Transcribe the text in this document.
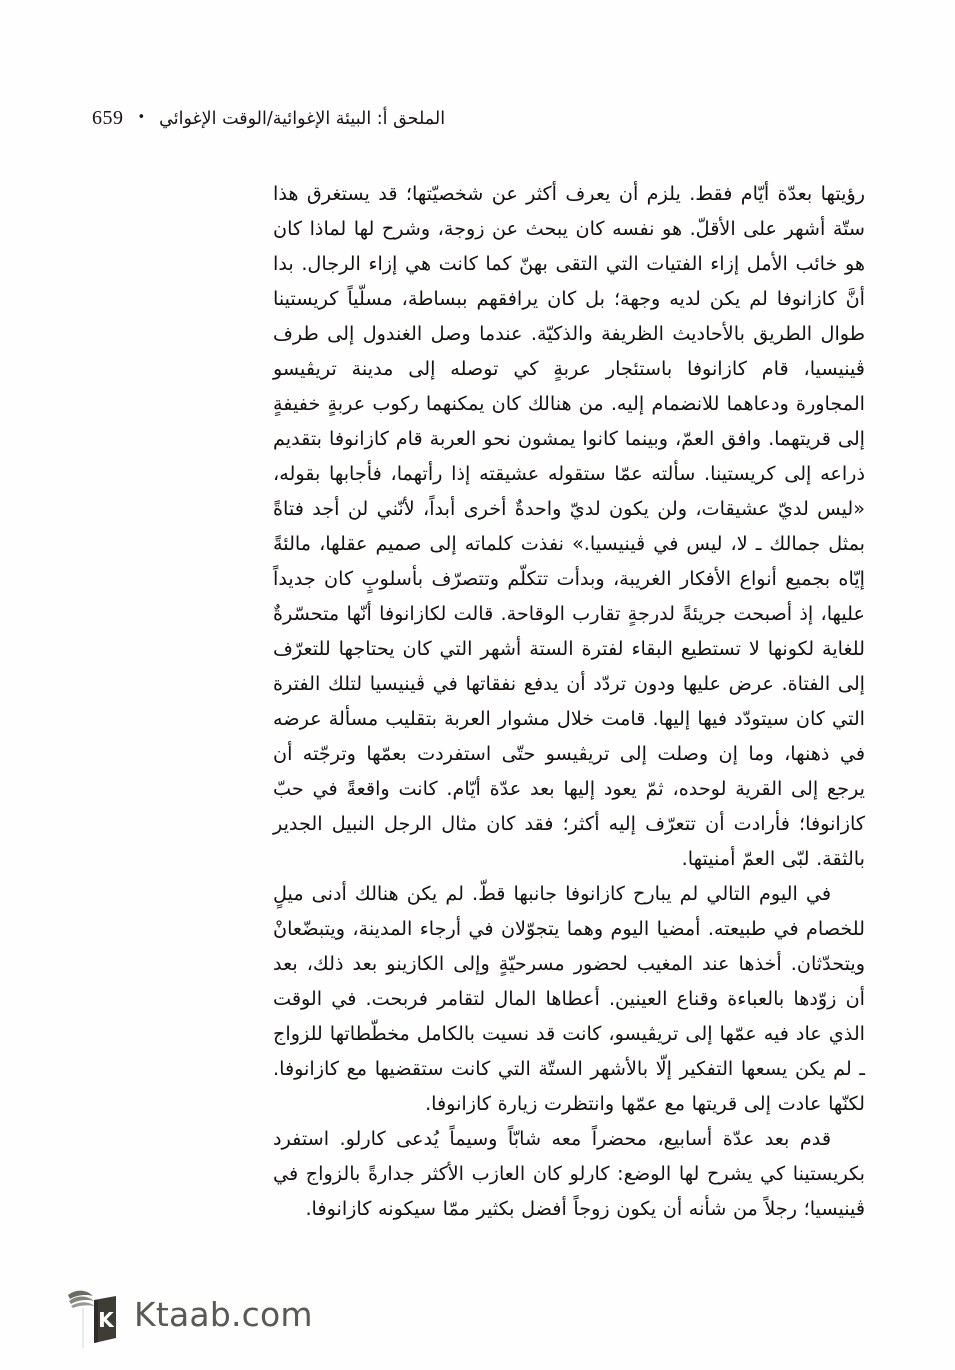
659 • الملحق أ: البيئة الإغوائية/الوقت الإغوائي

رؤيتها بعدّة أيّام فقط. يلزم أن يعرف أكثر عن شخصيّتها؛ قد يستغرق هذا ستّة أشهر على الأقلّ. هو نفسه كان يبحث عن زوجة، وشرح لها لماذا كان هو خائب الأمل إزاء الفتيات التي التقى بهنّ كما كانت هي إزاء الرجال. بدا أنَّ كازانوفا لم يكن لديه وجهة؛ بل كان يرافقهم ببساطة، مسلّياً كريستينا طوال الطريق بالأحاديث الظريفة والذكيّة. عندما وصل الغندول إلى طرف ڤينيسيا، قام كازانوفا باستئجار عربةٍ كي توصله إلى مدينة تريڤيسو المجاورة ودعاهما للانضمام إليه. من هنالك كان يمكنهما ركوب عربةٍ خفيفةٍ إلى قريتهما. وافق العمّ، وبينما كانوا يمشون نحو العربة قام كازانوفا بتقديم ذراعه إلى كريستينا. سألته عمّا ستقوله عشيقته إذا رأتهما، فأجابها بقوله، «ليس لديّ عشيقات، ولن يكون لديّ واحدةٌ أخرى أبداً، لأنّني لن أجد فتاةً بمثل جمالك ـ لا، ليس في ڤينيسيا.» نفذت كلماته إلى صميم عقلها، مالئةً إيّاه بجميع أنواع الأفكار الغريبة، وبدأت تتكلّم وتتصرّف بأسلوبٍ كان جديداً عليها، إذ أصبحت جريئةً لدرجةٍ تقارب الوقاحة. قالت لكازانوفا أنّها متحسّرةٌ للغاية لكونها لا تستطيع البقاء لفترة الستة أشهر التي كان يحتاجها للتعرّف إلى الفتاة. عرض عليها ودون تردّد أن يدفع نفقاتها في ڤينيسيا لتلك الفترة التي كان سيتودّد فيها إليها. قامت خلال مشوار العربة بتقليب مسألة عرضه في ذهنها، وما إن وصلت إلى تريڤيسو حتّى استفردت بعمّها وترجّته أن يرجع إلى القرية لوحده، ثمّ يعود إليها بعد عدّة أيّام. كانت واقعةً في حبّ كازانوفا؛ فأرادت أن تتعرّف إليه أكثر؛ فقد كان مثال الرجل النبيل الجدير بالثقة. لبّى العمّ أمنيتها.

في اليوم التالي لم يبارح كازانوفا جانبها قطّ. لم يكن هنالك أدنى ميلٍ للخصام في طبيعته. أمضيا اليوم وهما يتجوّلان في أرجاء المدينة، ويتبضّعانْ ويتحدّثان. أخذها عند المغيب لحضور مسرحيّةٍ وإلى الكازينو بعد ذلك، بعد أن زوّدها بالعباءة وقناع العينين. أعطاها المال لتقامر فربحت. في الوقت الذي عاد فيه عمّها إلى تريڤيسو، كانت قد نسيت بالكامل مخطّطاتها للزواج ـ لم يكن يسعها التفكير إلّا بالأشهر الستّة التي كانت ستقضيها مع كازانوفا. لكنّها عادت إلى قريتها مع عمّها وانتظرت زيارة كازانوفا.

قدم بعد عدّة أسابيع، محضراً معه شابّاً وسيماً يُدعى كارلو. استفرد بكريستينا كي يشرح لها الوضع: كارلو كان العازب الأكثر جدارةً بالزواج في ڤينيسيا؛ رجلاً من شأنه أن يكون زوجاً أفضل بكثير ممّا سيكونه كازانوفا.

K Ktaab.com
